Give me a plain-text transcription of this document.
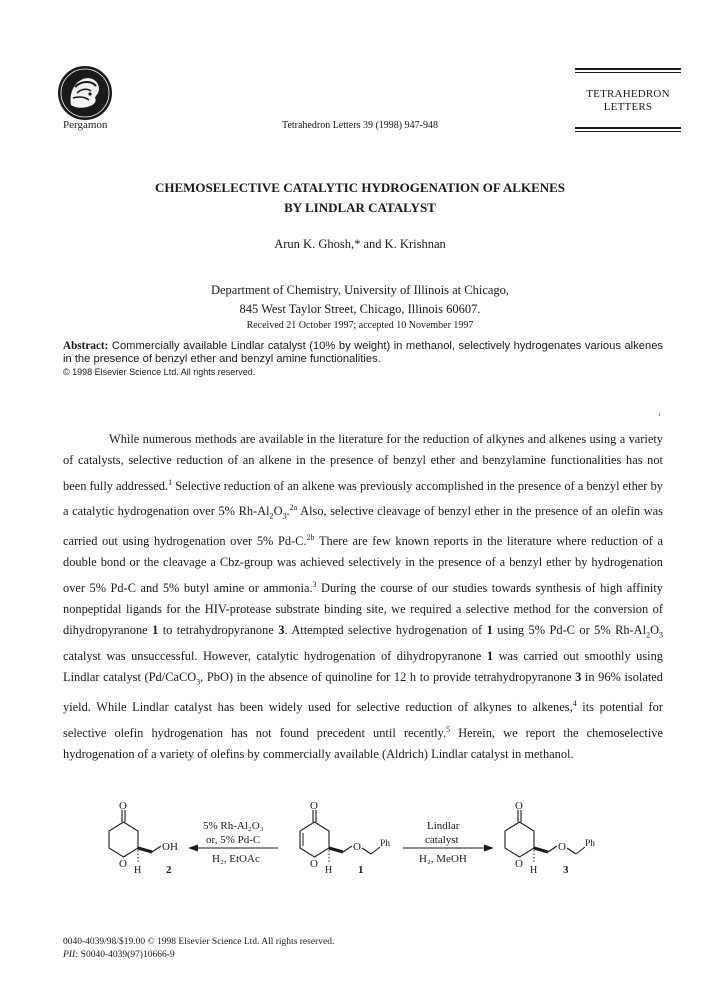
Pergamon	Tetrahedron Letters 39 (1998) 947-948
TETRAHEDRON
LETTERS
CHEMOSELECTIVE CATALYTIC HYDROGENATION OF ALKENES
BY LINDLAR CATALYST
Arun K. Ghosh,* and K. Krishnan
Department of Chemistry, University of Illinois at Chicago,
845 West Taylor Street, Chicago, Illinois 60607.
Received 21 October 1997; accepted 10 November 1997
Abstract: Commercially available Lindlar catalyst (10% by weight) in methanol, selectively hydrogenates various alkenes in the presence of benzyl ether and benzyl amine functionalities.
© 1998 Elsevier Science Ltd. All rights reserved.

While numerous methods are available in the literature for the reduction of alkynes and alkenes using a variety of catalysts, selective reduction of an alkene in the presence of benzyl ether and benzylamine functionalities has not been fully addressed.$^1$ Selective reduction of an alkene was previously accomplished in the presence of a benzyl ether by a catalytic hydrogenation over 5% $Rh-Al_2O_3.^{2a}$ Also, selective cleavage of benzyl ether in the presence of an olefin was carried out using hydrogenation over 5% Pd-C.$^{2b}$ There are few known reports in the literature where reduction of a double bond or the cleavage a Cbz-group was achieved selectively in the presence of a benzyl ether by hydrogenation over 5% Pd-C and 5% butyl amine or ammonia.$^3$ During the course of our studies towards synthesis of high affinity nonpeptidal ligands for the HIV-protease substrate binding site, we required a selective method for the conversion of dihydropyranone 1 to tetrahydropyranone 3. Attempted selective hydrogenation of 1 using 5% Pd-C or 5% $Rh-Al_2O_3$ catalyst was unsuccessful. However, catalytic hydrogenation of dihydropyranone 1 was carried out smoothly using Lindlar catalyst (Pd/CaCO$_3$, PbO) in the absence of quinoline for 12 h to provide tetrahydropyranone 3 in 96% isolated yield. While Lindlar catalyst has been widely used for selective reduction of alkynes to alkenes,$^4$ its potential for selective olefin hydrogenation has not found precedent until recently.$^5$ Herein, we report the chemoselective hydrogenation of a variety of olefins by commercially available (Aldrich) Lindlar catalyst in methanol.

O
O
OH
H 2
5% Rh-Al₂O₃
or, 5% Pd-C
H₂, EtOAc
O
O
O Ph
H 1
Lindlar
catalyst
H₂, MeOH
O
O
O Ph
H 3
0040-4039/98/$19.00 © 1998 Elsevier Science Ltd. All rights reserved.
PII: S0040-4039(97)10666-9
